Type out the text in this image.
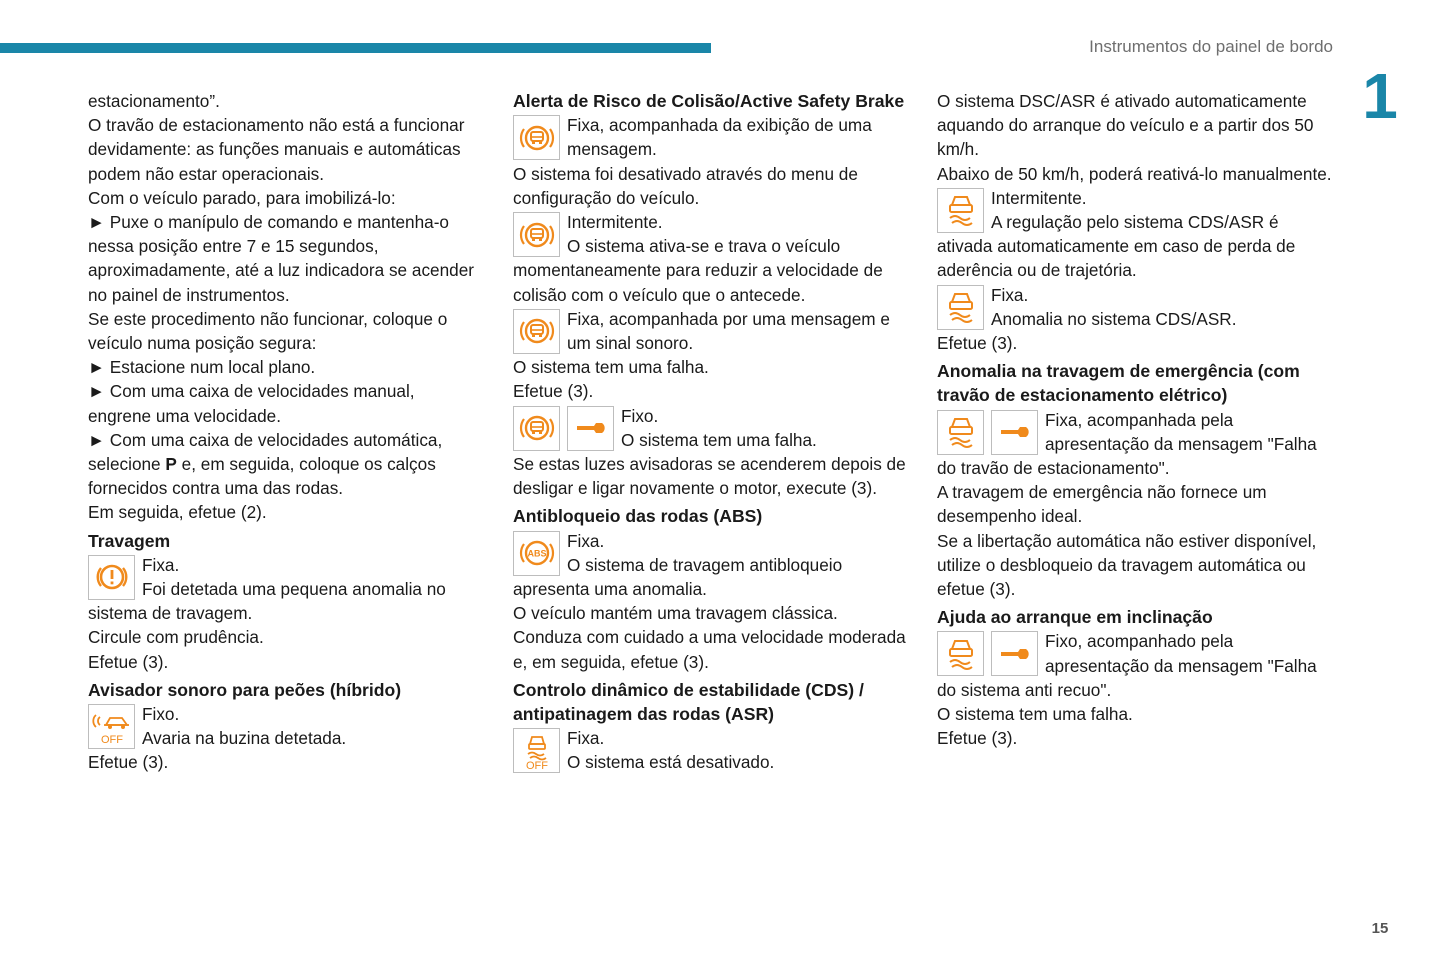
Instrumentos do painel de bordo
1
15

estacionamento”.

O travão de estacionamento não está a funcionar devidamente: as funções manuais e automáticas podem não estar operacionais.

Com o veículo parado, para imobilizá-lo:

► Puxe o manípulo de comando e mantenha-o nessa posição entre 7 e 15 segundos, aproximadamente, até a luz indicadora se acender no painel de instrumentos.

Se este procedimento não funcionar, coloque o veículo numa posição segura:

► Estacione num local plano.

► Com uma caixa de velocidades manual, engrene uma velocidade.

► Com uma caixa de velocidades automática, selecione P e, em seguida, coloque os calços fornecidos contra uma das rodas.

Em seguida, efetue (2).

Travagem
Fixa.
Foi detetada uma pequena anomalia no sistema de travagem.
Circule com prudência.
Efetue (3).
Avisador sonoro para peões (híbrido)
OFF
Fixo.
Avaria na buzina detetada.
Efetue (3).
Alerta de Risco de Colisão/Active Safety Brake
Fixa, acompanhada da exibição de uma mensagem.
O sistema foi desativado através do menu de configuração do veículo.
Intermitente.
O sistema ativa-se e trava o veículo momentaneamente para reduzir a velocidade de colisão com o veículo que o antecede.
Fixa, acompanhada por uma mensagem e um sinal sonoro.
O sistema tem uma falha.
Efetue (3).
Fixo.
O sistema tem uma falha.
Se estas luzes avisadoras se acenderem depois de desligar e ligar novamente o motor, execute (3).
Antibloqueio das rodas (ABS)
ABS
Fixa.
O sistema de travagem antibloqueio apresenta uma anomalia.
O veículo mantém uma travagem clássica.
Conduza com cuidado a uma velocidade moderada e, em seguida, efetue (3).
Controlo dinâmico de estabilidade (CDS) / antipatinagem das rodas (ASR)
OFF
Fixa.
O sistema está desativado.

O sistema DSC/ASR é ativado automaticamente aquando do arranque do veículo e a partir dos 50 km/h.

Abaixo de 50 km/h, poderá reativá-lo manualmente.

Intermitente.
A regulação pelo sistema CDS/ASR é ativada automaticamente em caso de perda de aderência ou de trajetória.
Fixa.
Anomalia no sistema CDS/ASR.
Efetue (3).
Anomalia na travagem de emergência (com travão de estacionamento elétrico)
Fixa, acompanhada pela apresentação da mensagem "Falha do travão de estacionamento".
A travagem de emergência não fornece um desempenho ideal.
Se a libertação automática não estiver disponível, utilize o desbloqueio da travagem automática ou efetue (3).
Ajuda ao arranque em inclinação
Fixo, acompanhado pela apresentação da mensagem "Falha do sistema anti recuo".
O sistema tem uma falha.
Efetue (3).
